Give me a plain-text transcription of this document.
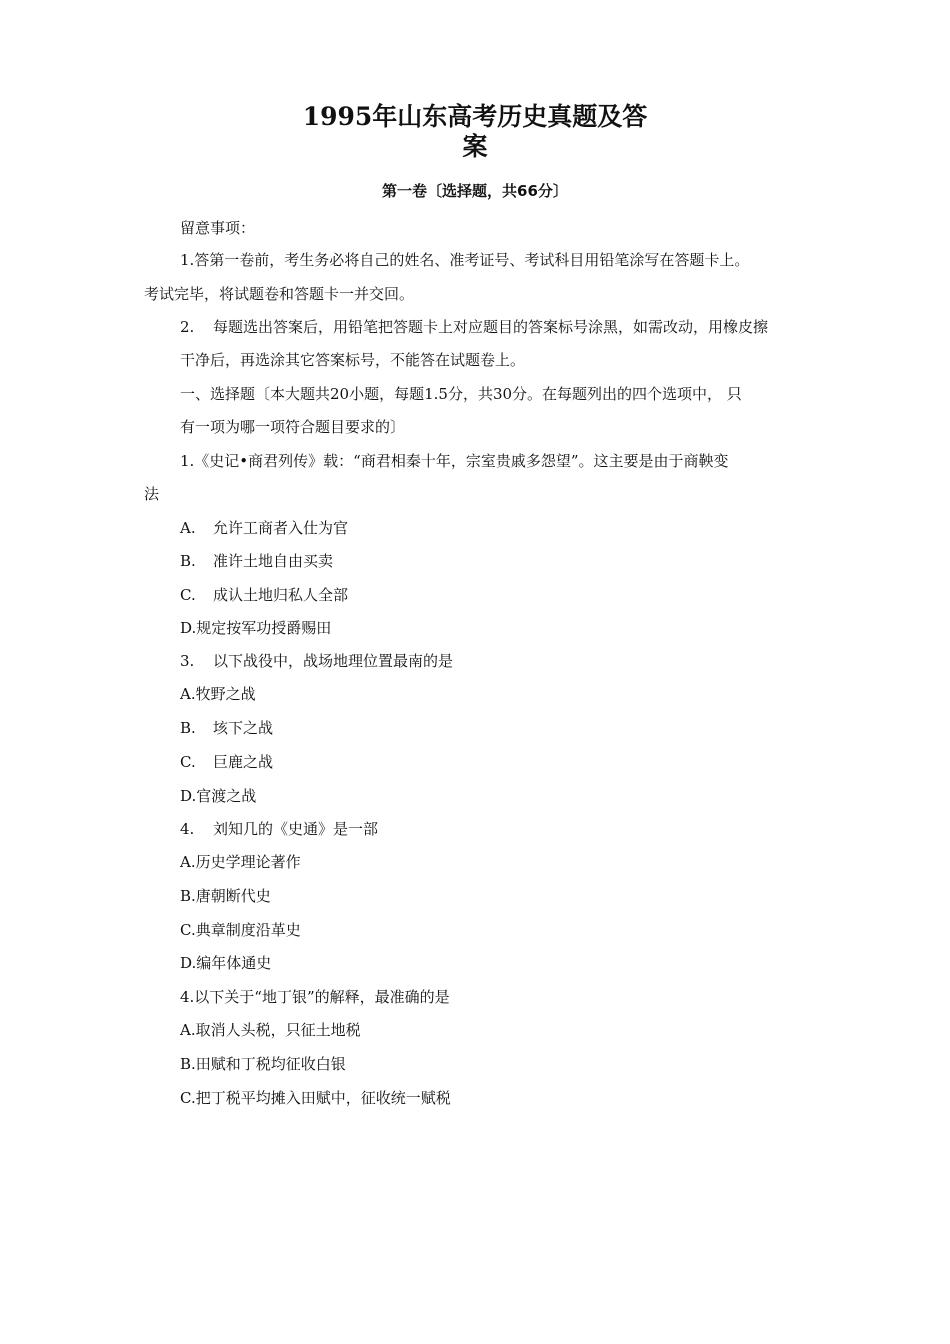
1995年山东高考历史真题及答
案
第一卷〔选择题，共66分〕
留意事项：
1.答第一卷前，考生务必将自己的姓名、准考证号、考试科目用铅笔涂写在答题卡上。
考试完毕，将试题卷和答题卡一并交回。
2. 每题选出答案后，用铅笔把答题卡上对应题目的答案标号涂黑，如需改动，用橡皮擦
干净后，再选涂其它答案标号，不能答在试题卷上。
一、选择题〔本大题共20小题，每题1.5分，共30分。在每题列出的四个选项中， 只
有一项为哪一项符合题目要求的〕
1.《史记•商君列传》载：“商君相秦十年，宗室贵戚多怨望”。这主要是由于商鞅变
法
A. 允许工商者入仕为官
B. 准许土地自由买卖
C. 成认土地归私人全部
D.规定按军功授爵赐田
3. 以下战役中，战场地理位置最南的是
A.牧野之战
B. 垓下之战
C. 巨鹿之战
D.官渡之战
4. 刘知几的《史通》是一部
A.历史学理论著作
B.唐朝断代史
C.典章制度沿革史
D.编年体通史
4.以下关于“地丁银”的解释，最准确的是
A.取消人头税，只征土地税
B.田赋和丁税均征收白银
C.把丁税平均摊入田赋中，征收统一赋税
